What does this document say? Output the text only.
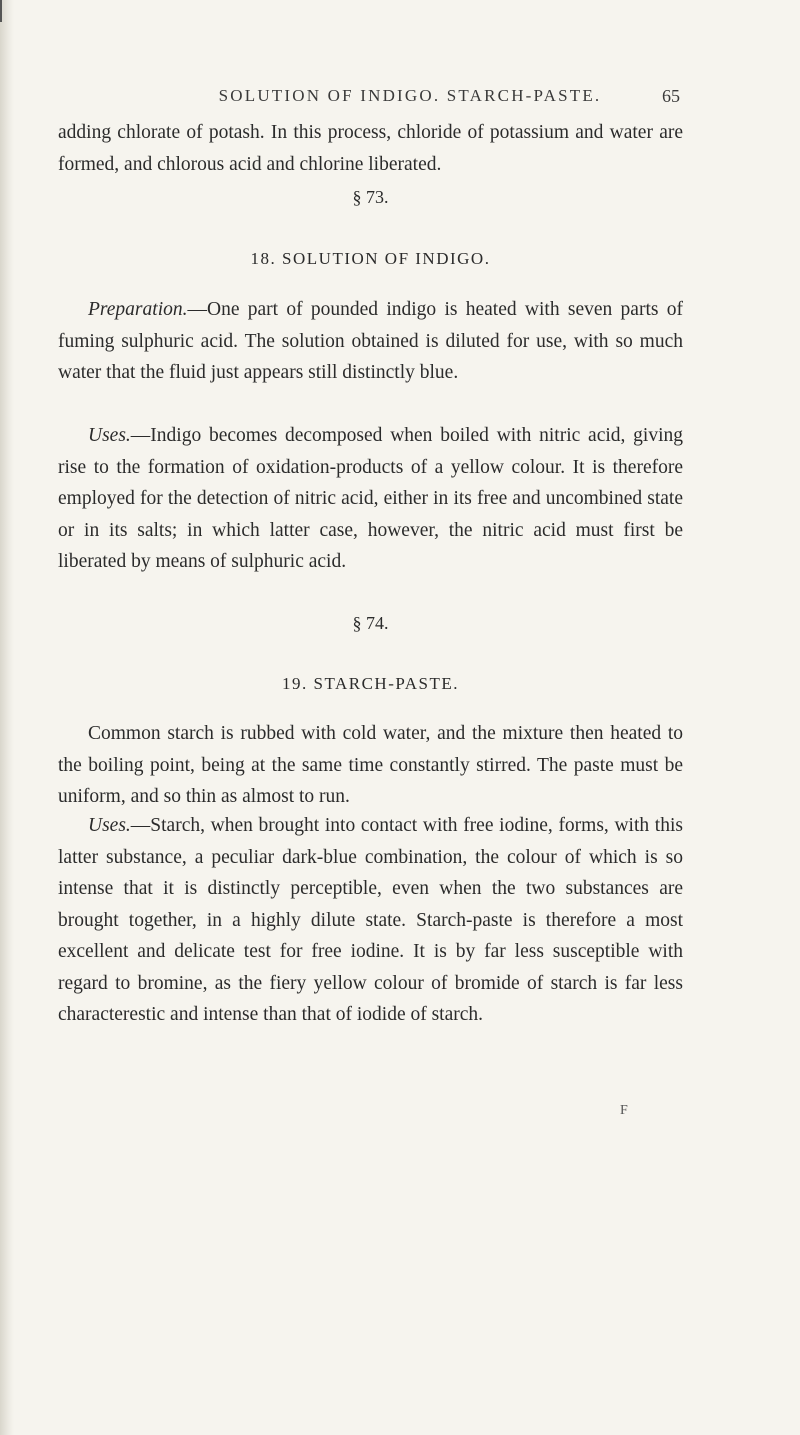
SOLUTION OF INDIGO. STARCH-PASTE.	65

adding chlorate of potash. In this process, chloride of potassium and water are formed, and chlorous acid and chlorine liberated.

§ 73.
18. SOLUTION OF INDIGO.

Preparation.—One part of pounded indigo is heated with seven parts of fuming sulphuric acid. The solution obtained is diluted for use, with so much water that the fluid just appears still distinctly blue.

Uses.—Indigo becomes decomposed when boiled with nitric acid, giving rise to the formation of oxidation-products of a yellow colour. It is therefore employed for the detection of nitric acid, either in its free and uncombined state or in its salts; in which latter case, however, the nitric acid must first be liberated by means of sulphuric acid.

§ 74.
19. STARCH-PASTE.

Common starch is rubbed with cold water, and the mixture then heated to the boiling point, being at the same time constantly stirred. The paste must be uniform, and so thin as almost to run.

Uses.—Starch, when brought into contact with free iodine, forms, with this latter substance, a peculiar dark-blue combination, the colour of which is so intense that it is distinctly perceptible, even when the two substances are brought together, in a highly dilute state. Starch-paste is therefore a most excellent and delicate test for free iodine. It is by far less susceptible with regard to bromine, as the fiery yellow colour of bromide of starch is far less characterestic and intense than that of iodide of starch.

F
